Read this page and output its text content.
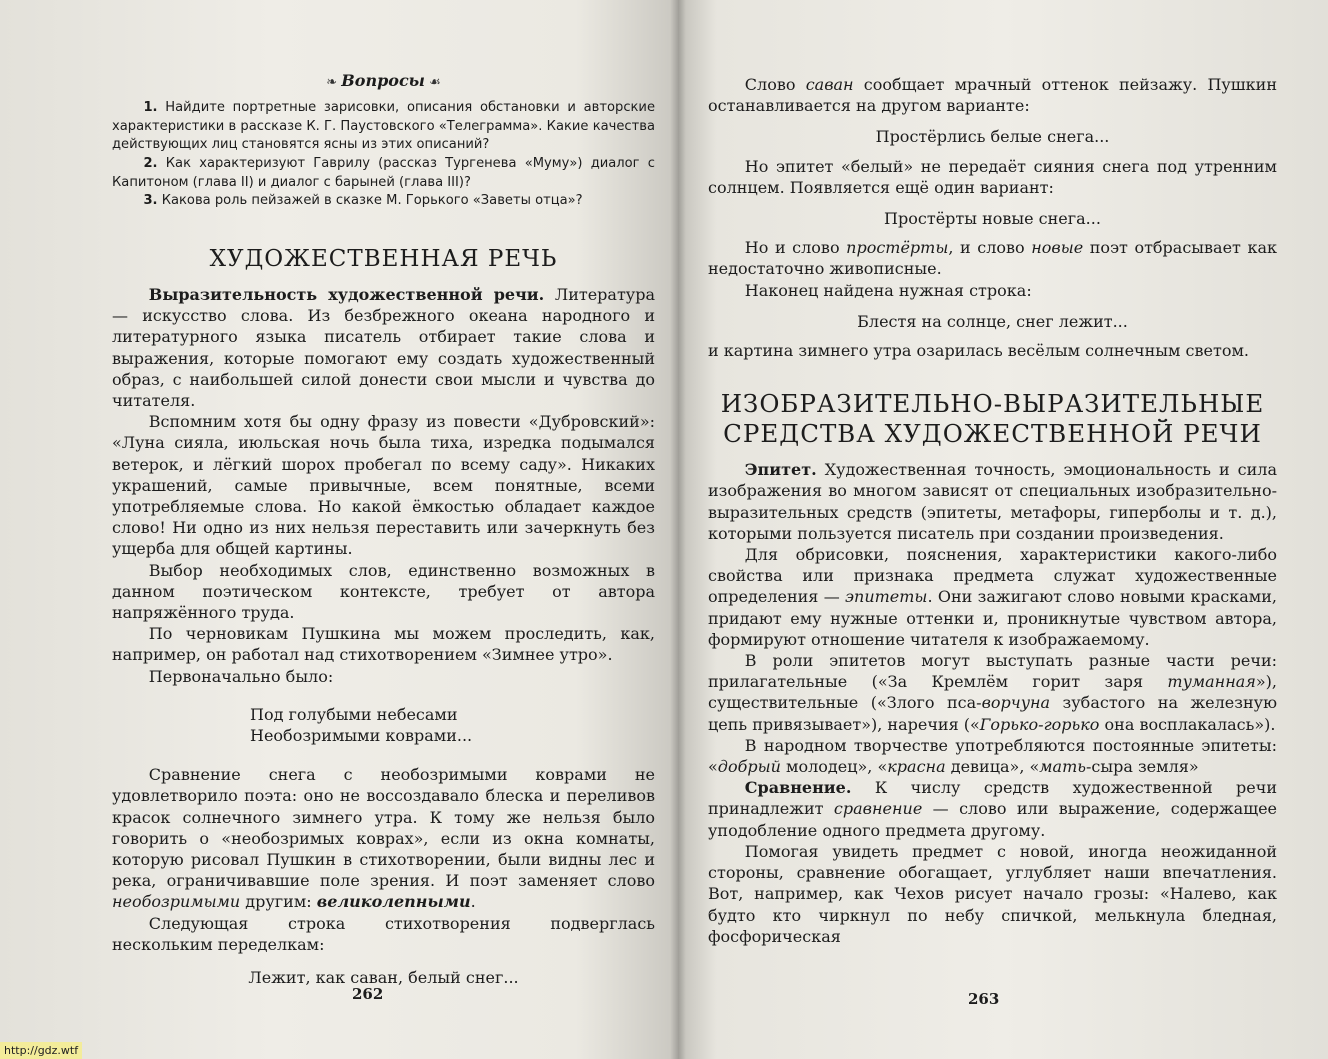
❧ Вопросы ☙

1. Найдите портретные зарисовки, описания обстановки и авторские характеристики в рассказе К. Г. Паустовского «Телеграмма». Какие качества действующих лиц становятся ясны из этих описаний?

2. Как характеризуют Гаврилу (рассказ Тургенева «Муму») диалог с Капитоном (глава II) и диалог с барыней (глава III)?

3. Какова роль пейзажей в сказке М. Горького «Заветы отца»?

ХУДОЖЕСТВЕННАЯ РЕЧЬ

Выразительность художественной речи. Литература — искусство слова. Из безбрежного океана народного и литературного языка писатель отбирает такие слова и выражения, которые помогают ему создать художественный образ, с наибольшей силой донести свои мысли и чувства до читателя.

Вспомним хотя бы одну фразу из повести «Дубровский»: «Луна сияла, июльская ночь была тиха, изредка подымался ветерок, и лёгкий шорох пробегал по всему саду». Никаких украшений, самые привычные, всем понятные, всеми употребляемые слова. Но какой ёмкостью обладает каждое слово! Ни одно из них нельзя переставить или зачеркнуть без ущерба для общей картины.

Выбор необходимых слов, единственно возможных в данном поэтическом контексте, требует от автора напряжённого труда.

По черновикам Пушкина мы можем проследить, как, например, он работал над стихотворением «Зимнее утро».

Первоначально было:

Под голубыми небесами
Необозримыми коврами...

Сравнение снега с необозримыми коврами не удовлетворило поэта: оно не воссоздавало блеска и переливов красок солнечного зимнего утра. К тому же нельзя было говорить о «необозримых коврах», если из окна комнаты, которую рисовал Пушкин в стихотворении, были видны лес и река, ограничивавшие поле зрения. И поэт заменяет слово необозримыми другим: великолепными.

Следующая строка стихотворения подверглась нескольким переделкам:

Лежит, как саван, белый снег...
262

Слово саван сообщает мрачный оттенок пейзажу. Пушкин останавливается на другом варианте:

Простёрлись белые снега...

Но эпитет «белый» не передаёт сияния снега под утренним солнцем. Появляется ещё один вариант:

Простёрты новые снега...

Но и слово простёрты, и слово новые поэт отбрасывает как недостаточно живописные.

Наконец найдена нужная строка:

Блестя на солнце, снег лежит...

и картина зимнего утра озарилась весёлым солнечным светом.

ИЗОБРАЗИТЕЛЬНО-ВЫРАЗИТЕЛЬНЫЕ
СРЕДСТВА ХУДОЖЕСТВЕННОЙ РЕЧИ

Эпитет. Художественная точность, эмоциональность и сила изображения во многом зависят от специальных изобразительно-выразительных средств (эпитеты, метафоры, гиперболы и т. д.), которыми пользуется писатель при создании произведения.

Для обрисовки, пояснения, характеристики какого-либо свойства или признака предмета служат художественные определения — эпитеты. Они зажигают слово новыми красками, придают ему нужные оттенки и, проникнутые чувством автора, формируют отношение читателя к изображаемому.

В роли эпитетов могут выступать разные части речи: прилагательные («За Кремлём горит заря туманная»), существительные («Злого пса-ворчуна зубастого на железную цепь привязывает»), наречия («Горько-горько она восплакалась»).

В народном творчестве употребляются постоянные эпитеты: «добрый молодец», «красна девица», «мать-сыра земля»

Сравнение. К числу средств художественной речи принадлежит сравнение — слово или выражение, содержащее уподобление одного предмета другому.

Помогая увидеть предмет с новой, иногда неожиданной стороны, сравнение обогащает, углубляет наши впечатления. Вот, например, как Чехов рисует начало грозы: «Налево, как будто кто чиркнул по небу спичкой, мелькнула бледная, фосфорическая

263
http://gdz.wtf
